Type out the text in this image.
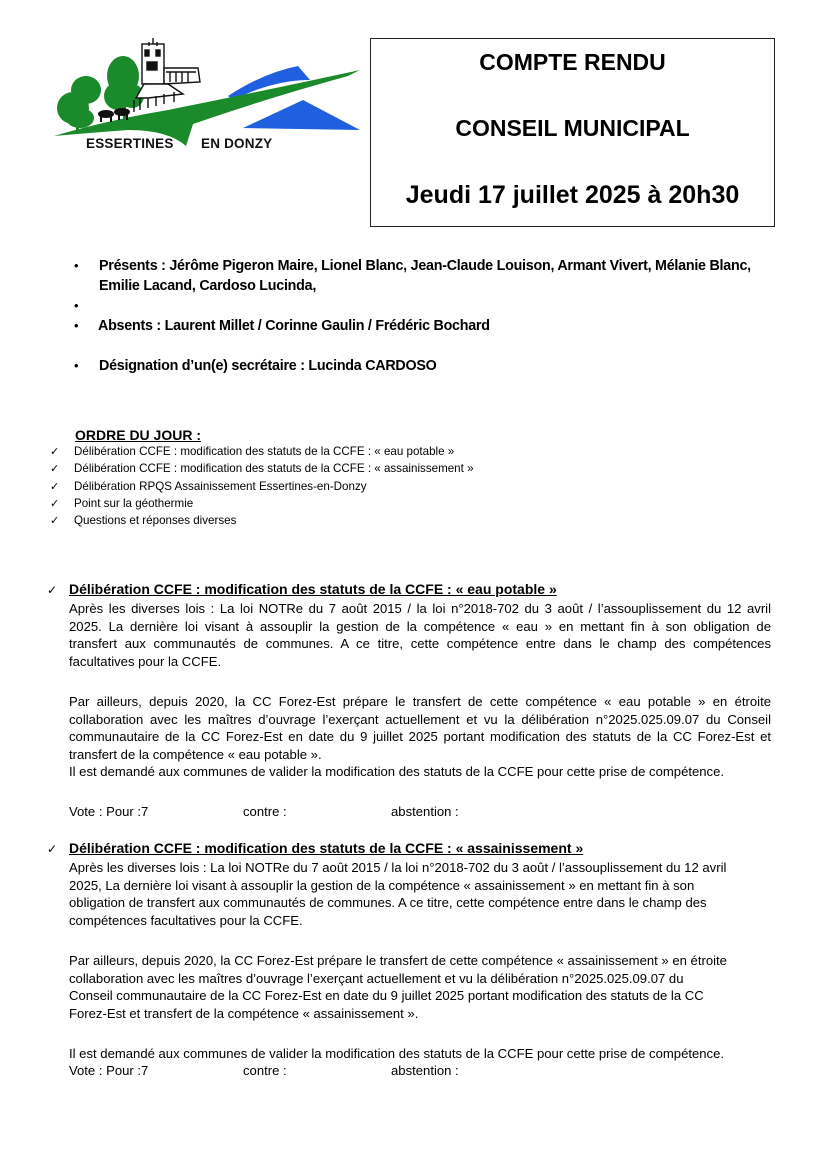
ESSERTINES EN DONZY
COMPTE RENDU
CONSEIL MUNICIPAL
Jeudi 17 juillet 2025 à 20h30
• Présents : Jérôme Pigeron Maire, Lionel Blanc, Jean-Claude Louison, Armant Vivert, Mélanie Blanc,
Emilie Lacand, Cardoso Lucinda,
•
• Absents : Laurent Millet / Corinne Gaulin / Frédéric Bochard
• Désignation d’un(e) secrétaire : Lucinda CARDOSO
ORDRE DU JOUR :
✓ Délibération CCFE : modification des statuts de la CCFE : « eau potable »
✓ Délibération CCFE : modification des statuts de la CCFE : « assainissement »
✓ Délibération RPQS Assainissement Essertines-en-Donzy
✓ Point sur la géothermie
✓ Questions et réponses diverses
✓ Délibération CCFE : modification des statuts de la CCFE : « eau potable »
Après les diverses lois : La loi NOTRe du 7 août 2015 / la loi n°2018-702 du 3 août / l’assouplissement du 12 avril
2025. La dernière loi visant à assouplir la gestion de la compétence « eau » en mettant fin à son obligation de
transfert aux communautés de communes. A ce titre, cette compétence entre dans le champ des compétences
facultatives pour la CCFE.
Par ailleurs, depuis 2020, la CC Forez-Est prépare le transfert de cette compétence « eau potable » en étroite
collaboration avec les maîtres d’ouvrage l’exerçant actuellement et vu la délibération n°2025.025.09.07 du Conseil
communautaire de la CC Forez-Est en date du 9 juillet 2025 portant modification des statuts de la CC Forez-Est et
transfert de la compétence « eau potable ».
Il est demandé aux communes de valider la modification des statuts de la CCFE pour cette prise de compétence.
Vote : Pour :7	contre :	abstention :
✓ Délibération CCFE : modification des statuts de la CCFE : « assainissement »
Après les diverses lois : La loi NOTRe du 7 août 2015 / la loi n°2018-702 du 3 août / l’assouplissement du 12 avril
2025, La dernière loi visant à assouplir la gestion de la compétence « assainissement » en mettant fin à son
obligation de transfert aux communautés de communes. A ce titre, cette compétence entre dans le champ des
compétences facultatives pour la CCFE.
Par ailleurs, depuis 2020, la CC Forez-Est prépare le transfert de cette compétence « assainissement » en étroite
collaboration avec les maîtres d’ouvrage l’exerçant actuellement et vu la délibération n°2025.025.09.07 du
Conseil communautaire de la CC Forez-Est en date du 9 juillet 2025 portant modification des statuts de la CC
Forez-Est et transfert de la compétence « assainissement ».
Il est demandé aux communes de valider la modification des statuts de la CCFE pour cette prise de compétence.
Vote : Pour :7	contre :	abstention :
